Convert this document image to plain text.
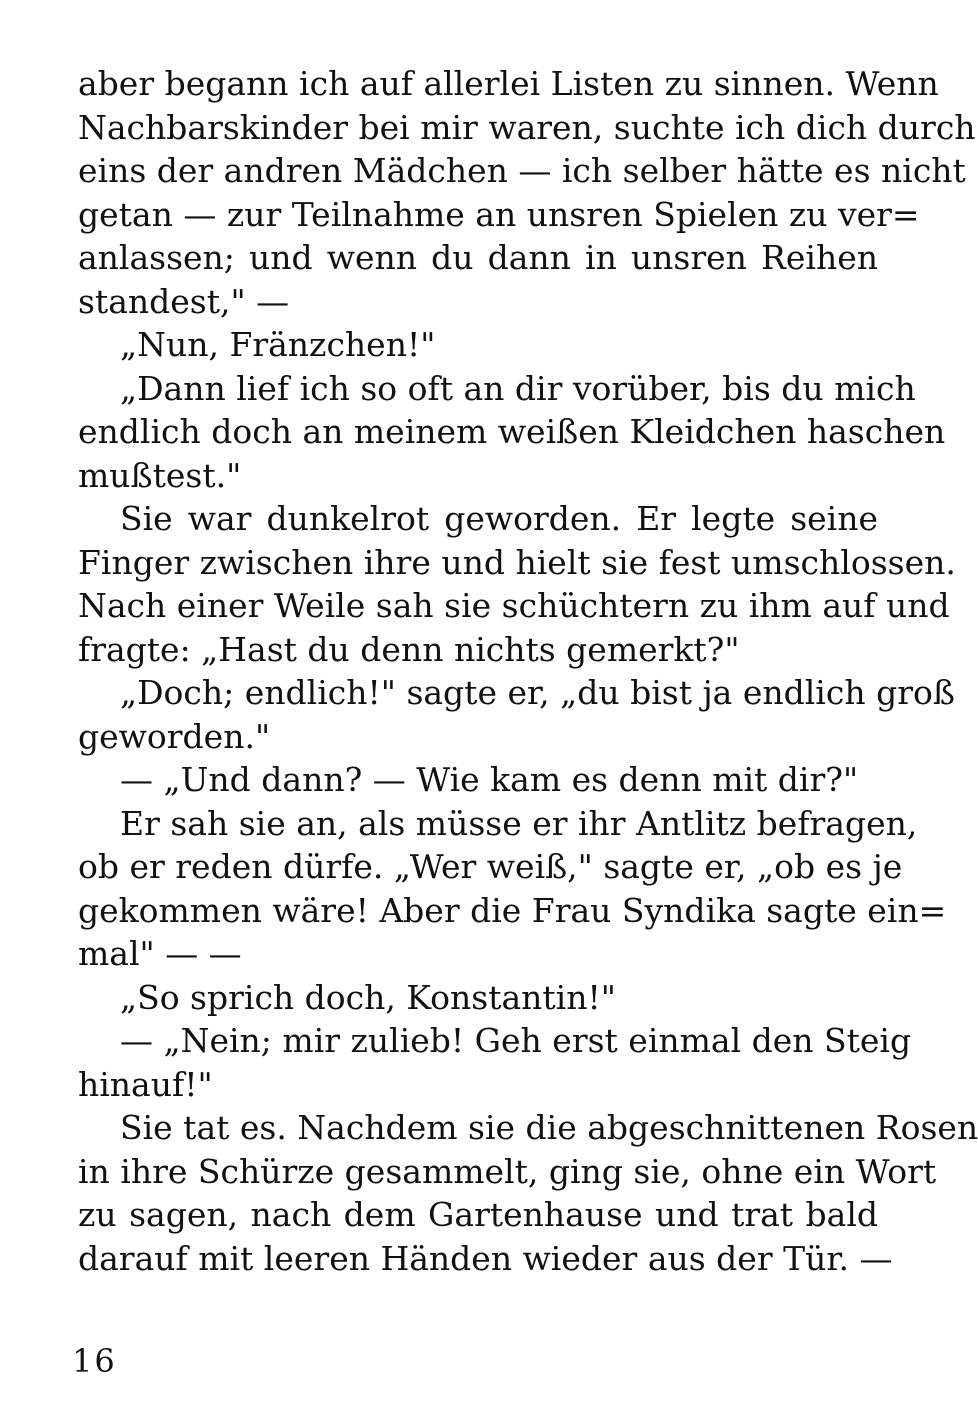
aber begann ich auf allerlei Listen zu sinnen. Wenn
Nachbarskinder bei mir waren, suchte ich dich durch
eins der andren Mädchen — ich selber hätte es nicht
getan — zur Teilnahme an unsren Spielen zu ver=
anlassen; und wenn du dann in unsren Reihen
standest," —
„Nun, Fränzchen!"
„Dann lief ich so oft an dir vorüber, bis du mich
endlich doch an meinem weißen Kleidchen haschen
mußtest."
Sie war dunkelrot geworden. Er legte seine
Finger zwischen ihre und hielt sie fest umschlossen.
Nach einer Weile sah sie schüchtern zu ihm auf und
fragte: „Hast du denn nichts gemerkt?"
„Doch; endlich!" sagte er, „du bist ja endlich groß
geworden."
— „Und dann? — Wie kam es denn mit dir?"
Er sah sie an, als müsse er ihr Antlitz befragen,
ob er reden dürfe. „Wer weiß," sagte er, „ob es je
gekommen wäre! Aber die Frau Syndika sagte ein=
mal" — —
„So sprich doch, Konstantin!"
— „Nein; mir zulieb! Geh erst einmal den Steig
hinauf!"
Sie tat es. Nachdem sie die abgeschnittenen Rosen
in ihre Schürze gesammelt, ging sie, ohne ein Wort
zu sagen, nach dem Gartenhause und trat bald
darauf mit leeren Händen wieder aus der Tür. —
16
